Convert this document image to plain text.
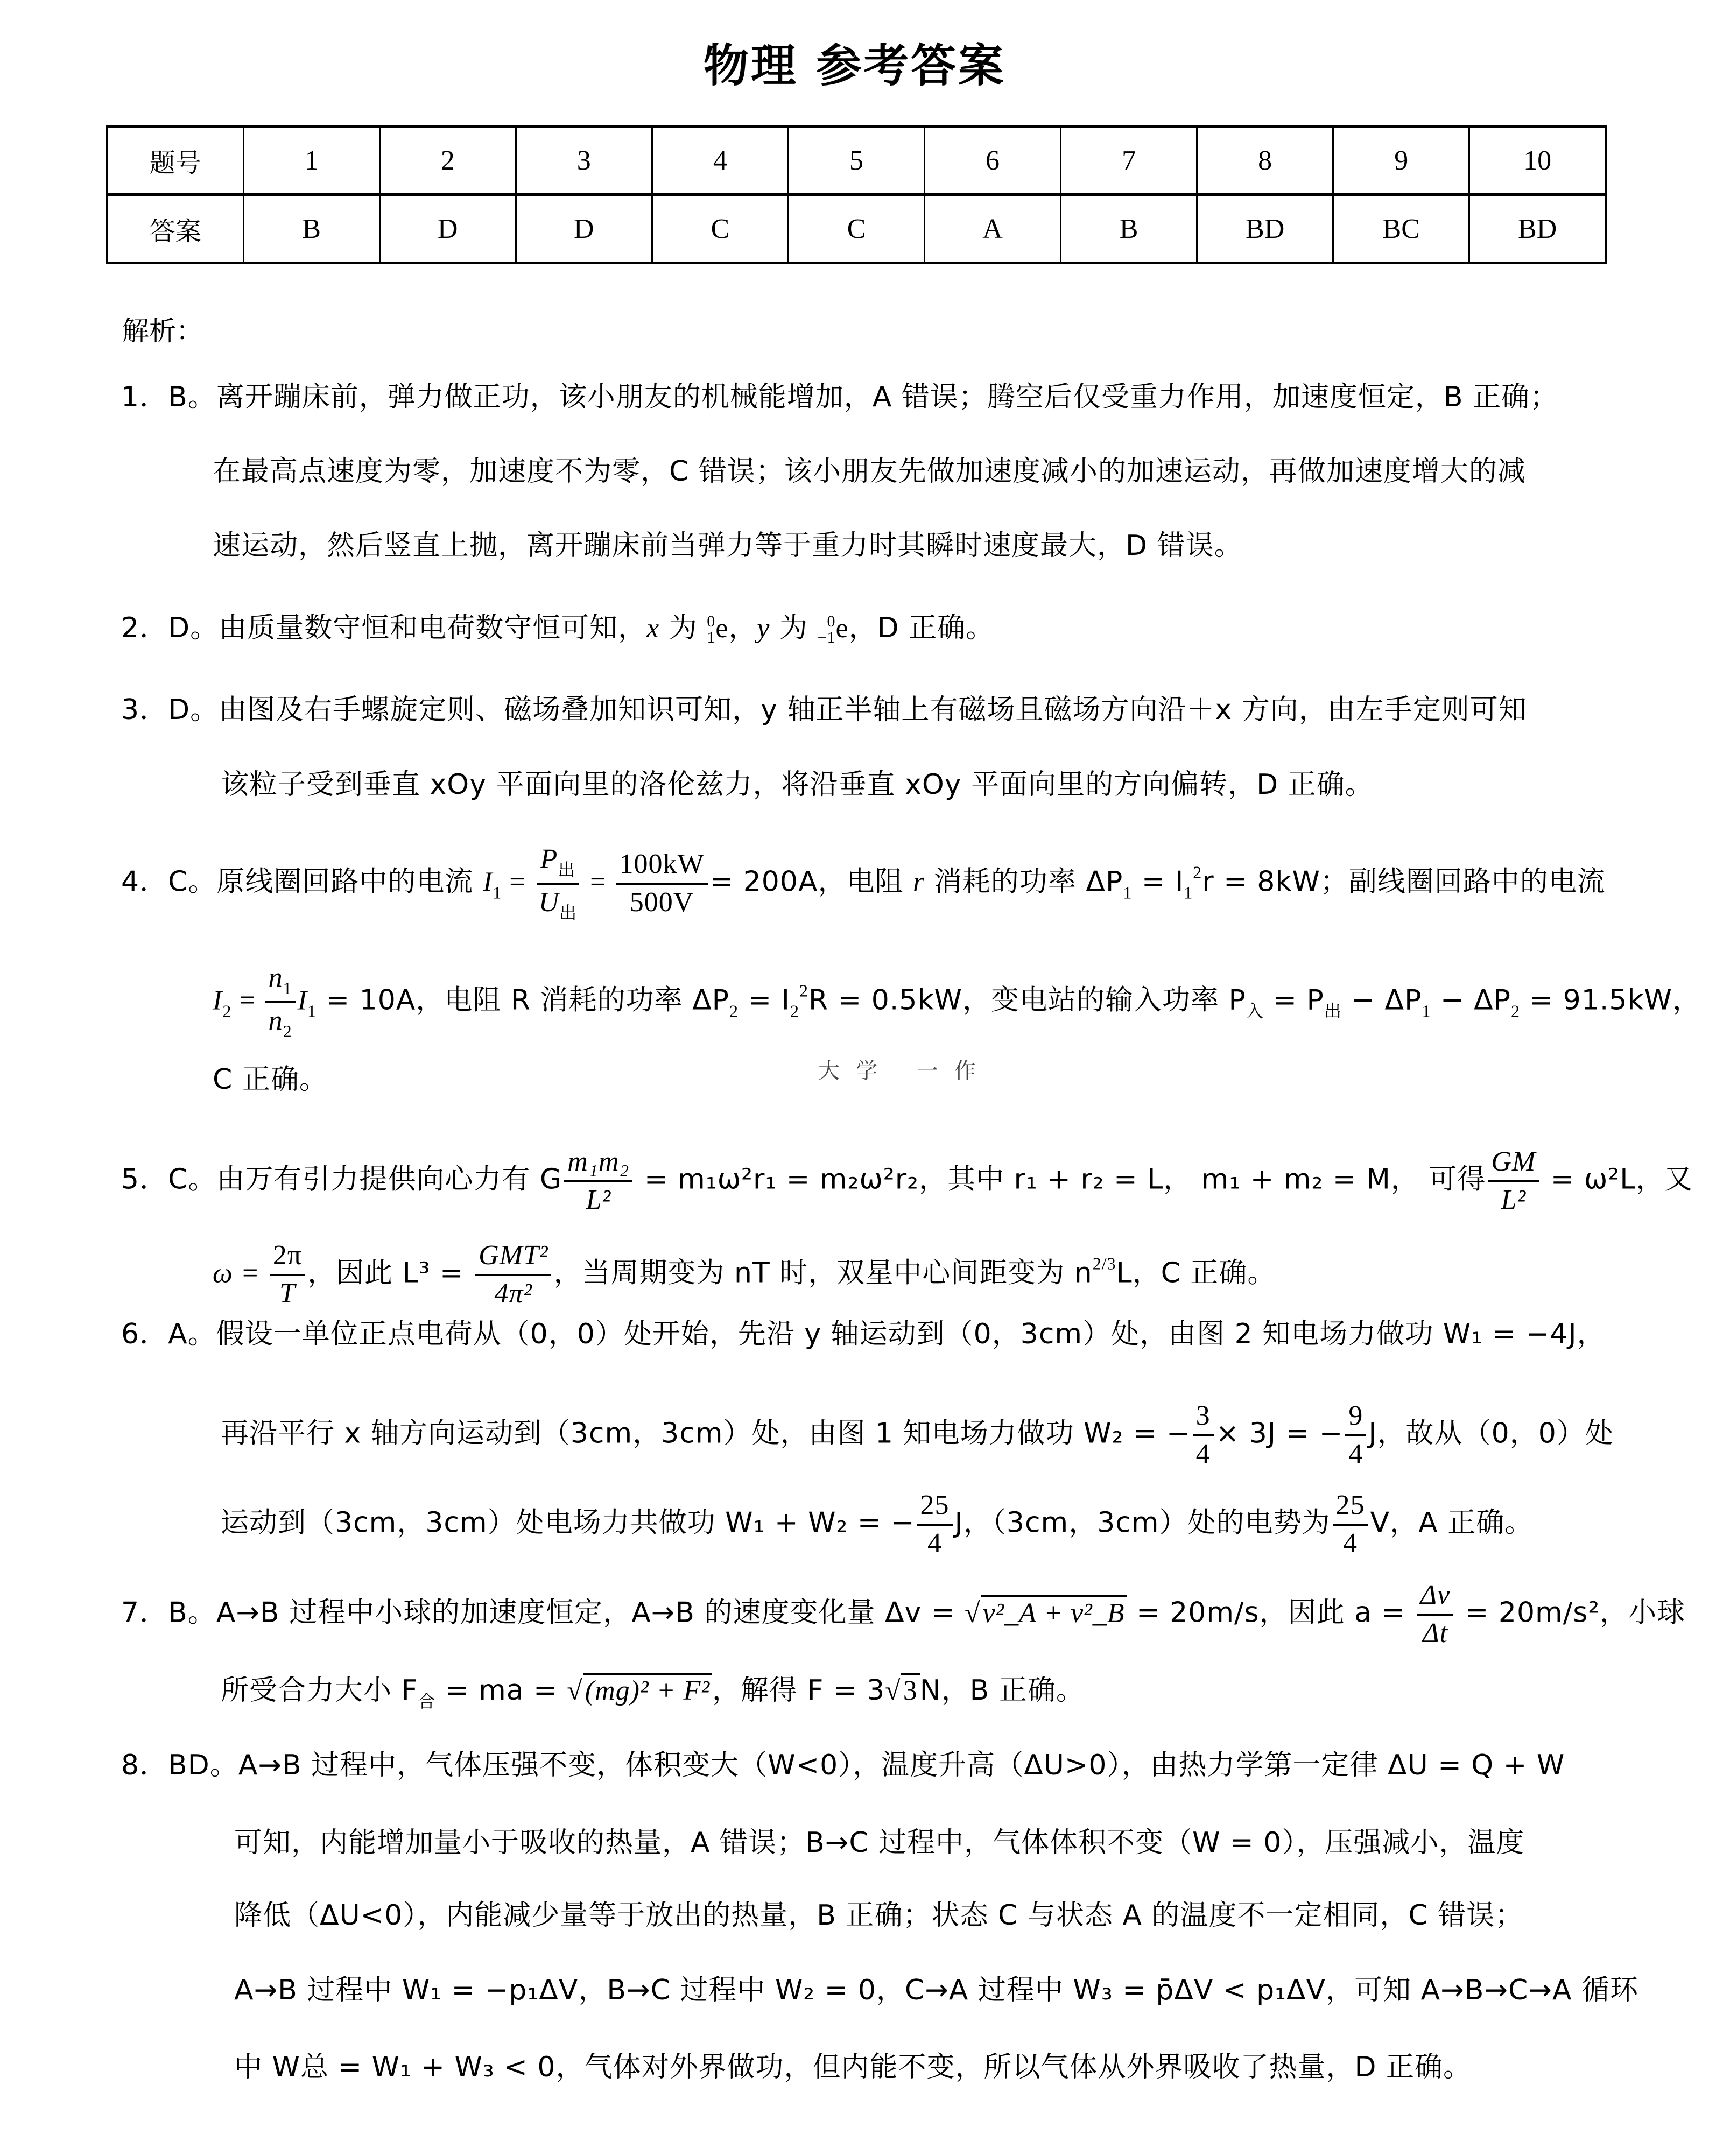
物理 参考答案
题号	1	2	3	4	5	6	7	8	9	10
答案	B	D	D	C	C	A	B	BD	BC	BD
解析：
1．B。离开蹦床前，弹力做正功，该小朋友的机械能增加，A 错误；腾空后仅受重力作用，加速度恒定，B 正确；
在最高点速度为零，加速度不为零，C 错误；该小朋友先做加速度减小的加速运动，再做加速度增大的减
速运动，然后竖直上抛，离开蹦床前当弹力等于重力时其瞬时速度最大，D 错误。
2．D。由质量数守恒和电荷数守恒可知，x 为 0
1 e，y 为 0
−1 e，D 正确。
3．D。由图及右手螺旋定则、磁场叠加知识可知，y 轴正半轴上有磁场且磁场方向沿＋x 方向，由左手定则可知
该粒子受到垂直 xOy 平面向里的洛伦兹力，将沿垂直 xOy 平面向里的方向偏转，D 正确。
4．C。原线圈回路中的电流 $I_1 = \frac{P_出}{U_出} = \frac{100kW}{500V} = 200A$，电阻 r 消耗的功率 $\Delta P_1 = I_1^2r = 8kW$；副线圈回路中的电流
$I_2 = \frac{n_1}{n_2} I_1 = 10A$，电阻 R 消耗的功率 $\Delta P_2 = I_2^2R = 0.5kW$，变电站的输入功率 $P_入 = P_出 - \Delta P_1 - \Delta P_2 = 91.5kW$，
C 正确。	大学 一作
5．C。由万有引力提供向心力有 G $\frac{\text{m₁m₂}}{\text{L²}} = m_1\omega^2r_1 = m_2\omega^2r_2$，其中 r₁ + r₂ = L， m₁ + m₂ = M， 可得 $\frac{GM}{\text{L²}} = \omega^2L$，又
$\omega = \frac{2\pi}{T}$ ，因此 $L^3 = \frac{\text{GMT²}}{\text{4π²}}$ ，当周期变为 nT 时，双星中心间距变为 $n^{2/3}L$，C 正确。
6．A。假设一单位正点电荷从（0，0）处开始，先沿 y 轴运动到（0，3cm）处，由图 2 知电场力做功 W₁ = −4J，
再沿平行 x 轴方向运动到（3cm，3cm）处，由图 1 知电场力做功 W₂ = − $\frac{3}{4} \times 3J$ = − $\frac{9}{4}$ J，故从（0，0）处
运动到（3cm，3cm）处电场力共做功 W₁ + W₂ = − $\frac{25}{4}$ J，（3cm，3cm）处的电势为 $\frac{25}{4}$ V，A 正确。
7．B。A→B 过程中小球的加速度恒定，A→B 的速度变化量 Δv = √v²_A + v²_B = 20m/s，因此 $a = \frac{\Delta v}{\Delta t} = 20m/s^2$，小球
所受合力大小 $F_合$ = ma = √(mg)² + F²，解得 F = 3√3N，B 正确。
8．BD。A→B 过程中，气体压强不变，体积变大（W<0），温度升高（ΔU>0），由热力学第一定律 ΔU = Q + W
可知，内能增加量小于吸收的热量，A 错误；B→C 过程中，气体体积不变（W = 0），压强减小，温度
降低（ΔU<0），内能减少量等于放出的热量，B 正确；状态 C 与状态 A 的温度不一定相同，C 错误；
A→B 过程中 W₁ = −p₁ΔV，B→C 过程中 W₂ = 0，C→A 过程中 W₃ = p̄ΔV < p₁ΔV，可知 A→B→C→A 循环
中 W总 = W₁ + W₃ < 0，气体对外界做功，但内能不变，所以气体从外界吸收了热量，D 正确。
